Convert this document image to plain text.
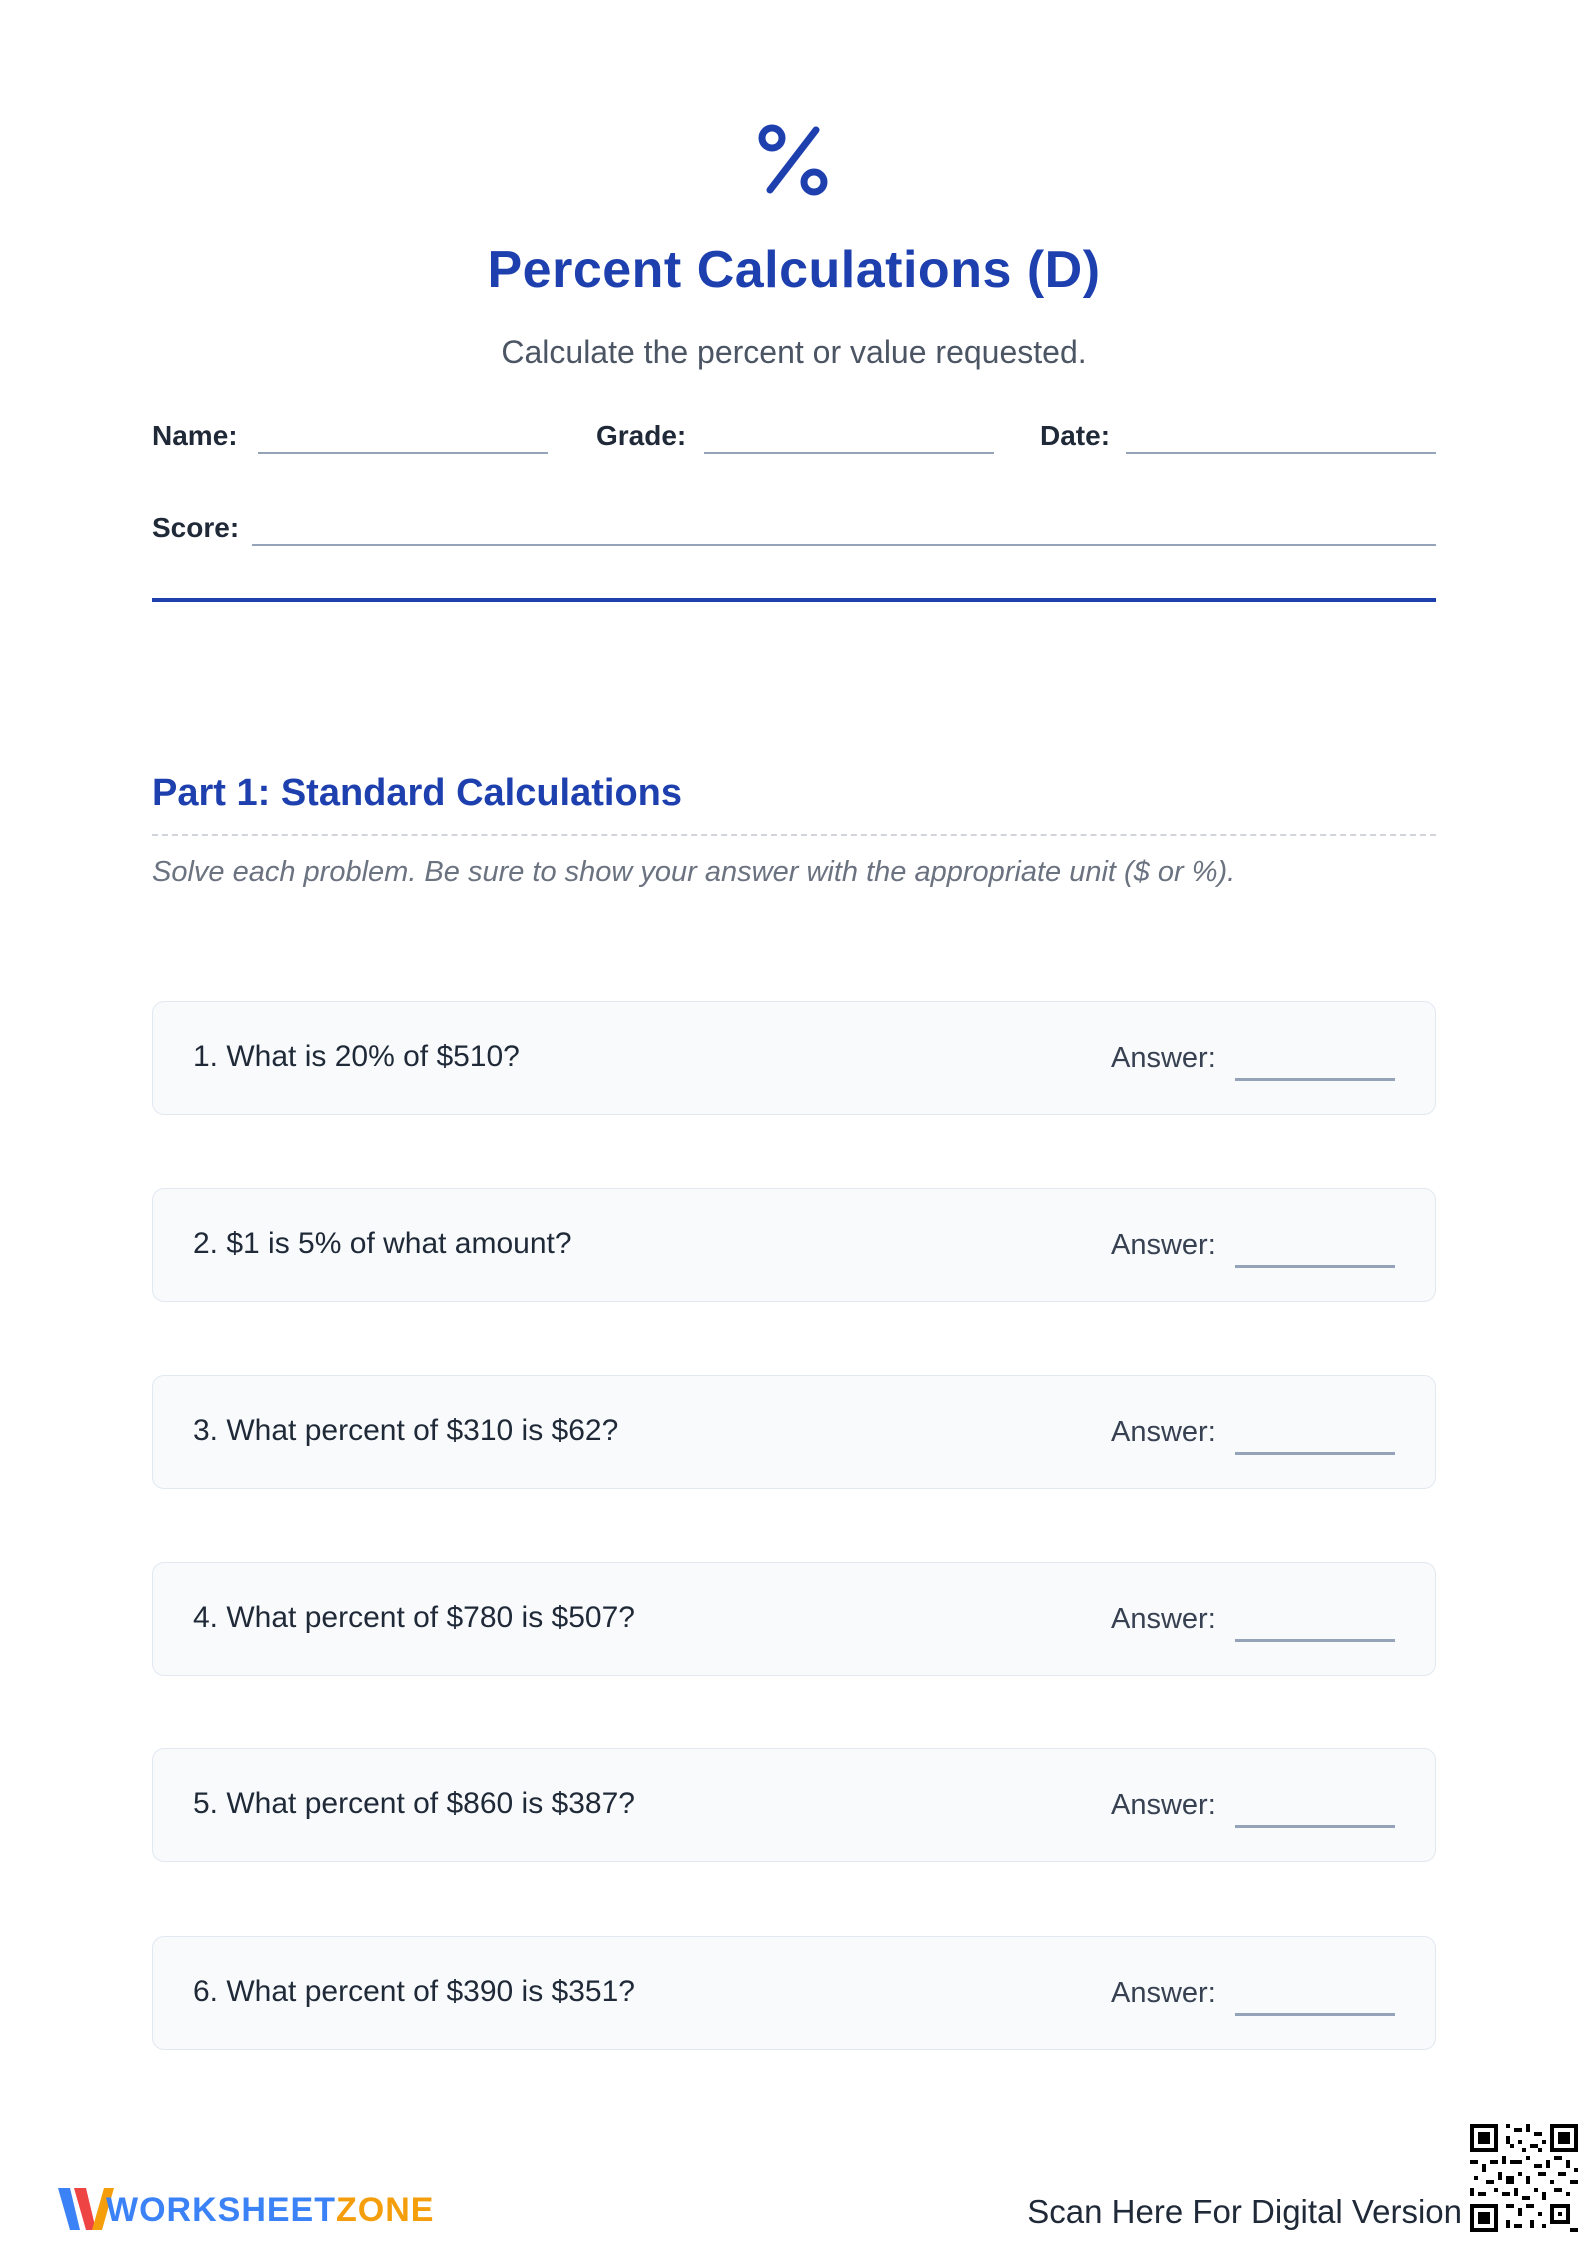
Percent Calculations (D)
Calculate the percent or value requested.
Name:	Grade:	Date:
Score:
Part 1: Standard Calculations
Solve each problem. Be sure to show your answer with the appropriate unit ($ or %).
1. What is 20% of $510?	Answer:
2. $1 is 5% of what amount?	Answer:
3. What percent of $310 is $62?	Answer:
4. What percent of $780 is $507?	Answer:
5. What percent of $860 is $387?	Answer:
6. What percent of $390 is $351?	Answer:
WORKSHEETZONE	Scan Here For Digital Version
